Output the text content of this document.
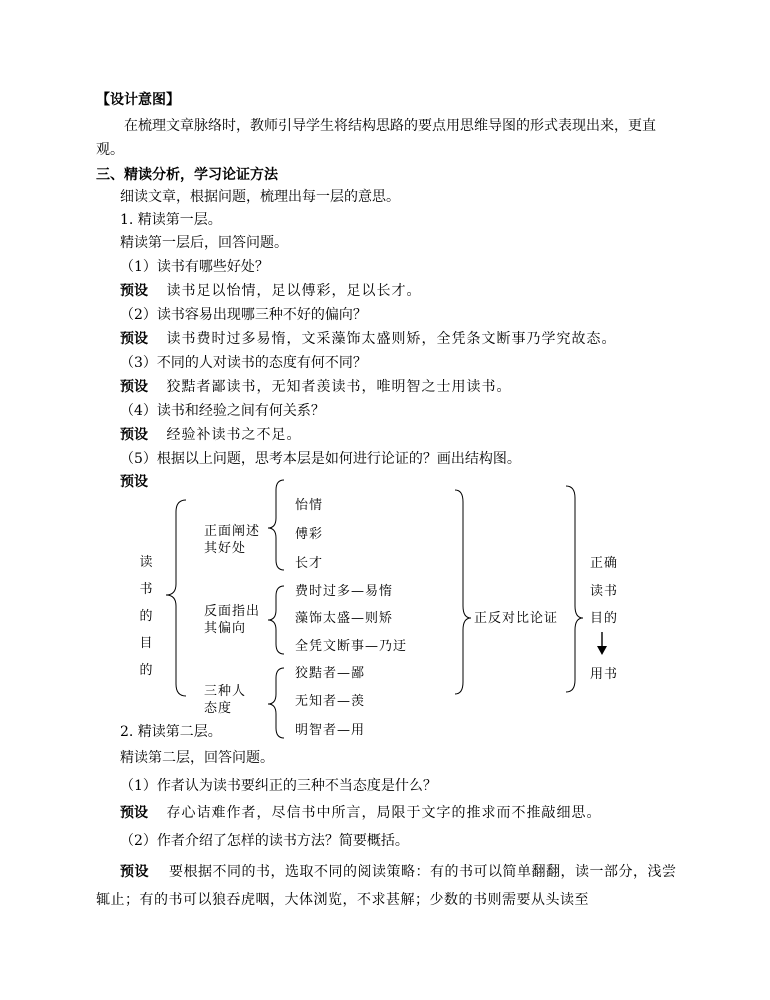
【设计意图】
在梳理文章脉络时，教师引导学生将结构思路的要点用思维导图的形式表现出来，更直观。
三、精读分析，学习论证方法
细读文章，根据问题，梳理出每一层的意思。
1. 精读第一层。
精读第一层后，回答问题。
（1）读书有哪些好处？
预设 读书足以怡情，足以傅彩，足以长才。
（2）读书容易出现哪三种不好的偏向？
预设 读书费时过多易惰，文采藻饰太盛则矫，全凭条文断事乃学究故态。
（3）不同的人对读书的态度有何不同？
预设 狡黠者鄙读书，无知者羡读书，唯明智之士用读书。
（4）读书和经验之间有何关系？
预设 经验补读书之不足。
（5）根据以上问题，思考本层是如何进行论证的？画出结构图。
预设
读
书
的
目
的
正面阐述
其好处
怡情
傅彩
长才
反面指出
其偏向
费时过多—易惰
藻饰太盛—则矫
全凭文断事—乃迂
三种人
态度
狡黠者—鄙
无知者—羡
明智者—用
正反对比论证
正确
读书
目的
用书
2. 精读第二层。
精读第二层，回答问题。
（1）作者认为读书要纠正的三种不当态度是什么？
预设 存心诘难作者，尽信书中所言，局限于文字的推求而不推敲细思。
（2）作者介绍了怎样的读书方法？简要概括。
预设 要根据不同的书，选取不同的阅读策略：有的书可以简单翻翻，读一部分，浅尝辄止；有的书可以狼吞虎咽，大体浏览，不求甚解；少数的书则需要从头读至
